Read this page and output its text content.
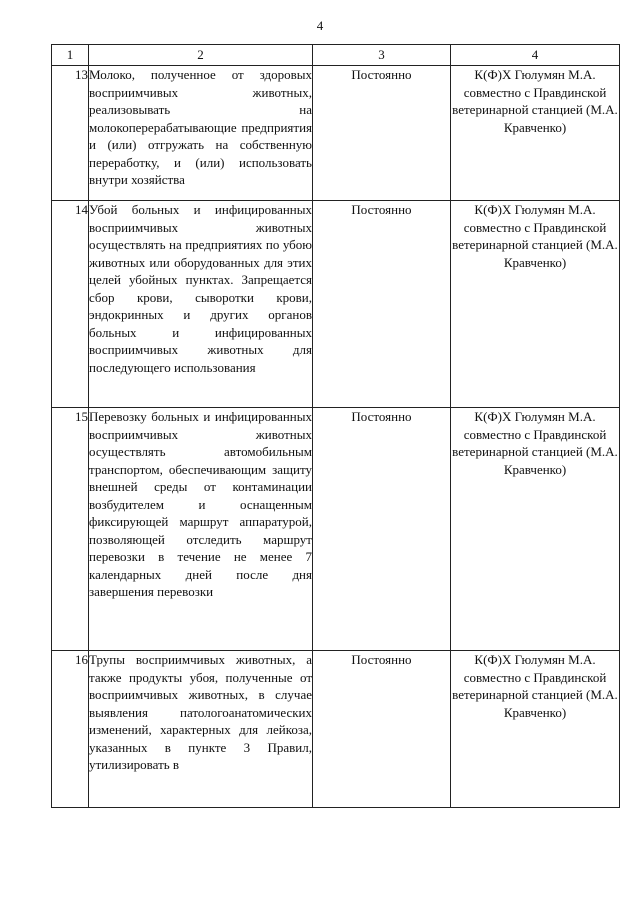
4
1	2	3	4
13	Молоко, полученное от здоровых восприимчивых животных, реализовывать на молокоперерабатывающие предприятия и (или) отгружать на собственную переработку, и (или) использовать внутри хозяйства	Постоянно	К(Ф)Х Гюлумян М.А. совместно с Правдинской ветеринарной станцией (М.А. Кравченко)
14	Убой больных и инфицированных восприимчивых животных осуществлять на предприятиях по убою животных или оборудованных для этих целей убойных пунктах. Запрещается сбор крови, сыворотки крови, эндокринных и других органов больных и инфицированных восприимчивых животных для последующего использования	Постоянно	К(Ф)Х Гюлумян М.А. совместно с Правдинской ветеринарной станцией (М.А. Кравченко)
15	Перевозку больных и инфицированных восприимчивых животных осуществлять автомобильным транспортом, обеспечивающим защиту внешней среды от контаминации возбудителем и оснащенным фиксирующей маршрут аппаратурой, позволяющей отследить маршрут перевозки в течение не менее 7 календарных дней после дня завершения перевозки	Постоянно	К(Ф)Х Гюлумян М.А. совместно с Правдинской ветеринарной станцией (М.А. Кравченко)
16	Трупы восприимчивых животных, а также продукты убоя, полученные от восприимчивых животных, в случае выявления патологоанатомических изменений, характерных для лейкоза, указанных в пункте 3 Правил, утилизировать в	Постоянно	К(Ф)Х Гюлумян М.А. совместно с Правдинской ветеринарной станцией (М.А. Кравченко)
